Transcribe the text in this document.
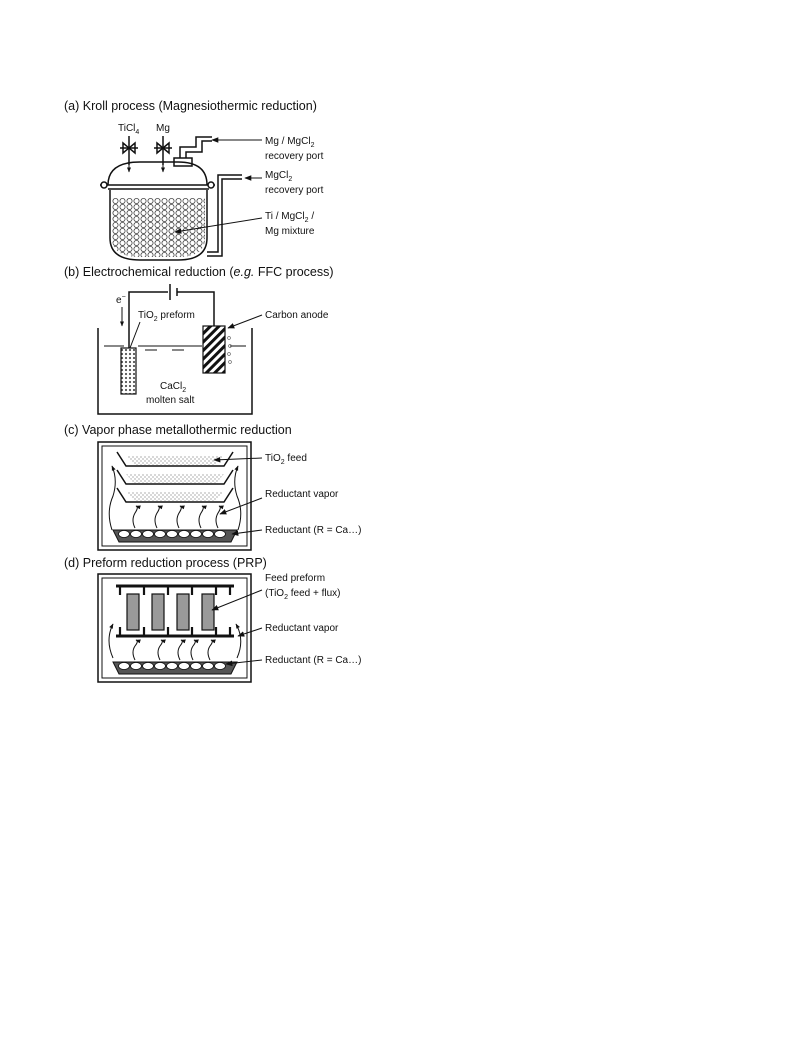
(a) Kroll process (Magnesiothermic reduction)
TiCl$_4$ Mg
Mg / MgCl$_2$
recovery port
MgCl$_2$
recovery port
Ti / MgCl$_2$ /
Mg mixture
(b) Electrochemical reduction (e.g. FFC process)
e−
TiO$_2$ preform	Carbon anode
CaCl$_2$
molten salt
(c) Vapor phase metallothermic reduction
TiO$_2$ feed
Reductant vapor
Reductant (R = Ca…)
(d) Preform reduction process (PRP)
Feed preform
(TiO$_2$ feed + flux)
Reductant vapor
Reductant (R = Ca…)
